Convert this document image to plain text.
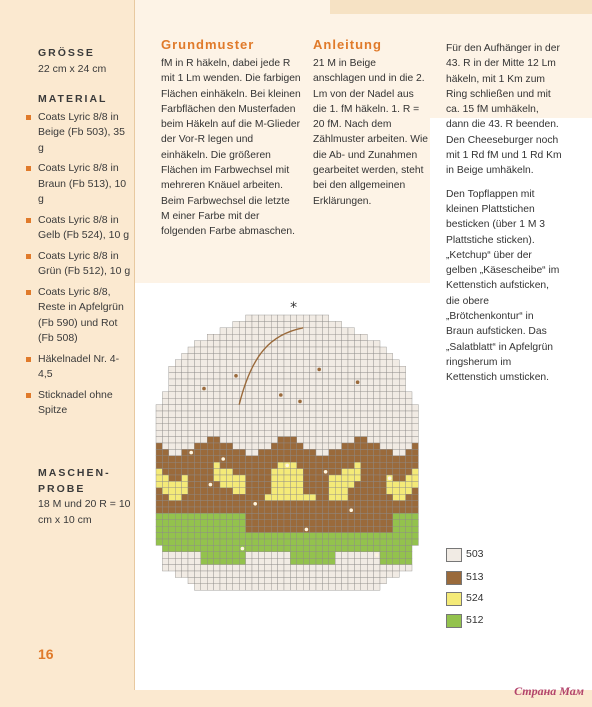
GRÖSSE
22 cm x 24 cm
MATERIAL
Coats Lyric 8/8 in Beige (Fb 503), 35 g
Coats Lyric 8/8 in Braun (Fb 513), 10 g
Coats Lyric 8/8 in Gelb (Fb 524), 10 g
Coats Lyric 8/8 in Grün (Fb 512), 10 g
Coats Lyric 8/8, Reste in Apfelgrün (Fb 590) und Rot (Fb 508)
Häkelnadel Nr. 4-4,5
Sticknadel ohne Spitze
MASCHEN-PROBE
18 M und 20 R = 10 cm x 10 cm
Grundmuster
fM in R häkeln, dabei jede R mit 1 Lm wenden. Die farbigen Flächen einhäkeln. Bei kleinen Farbflächen den Musterfaden beim Häkeln auf die M-Glieder der Vor-R legen und einhäkeln. Die größeren Flächen im Farbwechsel mit mehreren Knäuel arbeiten. Beim Farbwechsel die letzte M einer Farbe mit der folgenden Farbe abmaschen.
Anleitung
21 M in Beige anschlagen und in die 2. Lm von der Nadel aus die 1. fM häkeln. 1. R = 20 fM. Nach dem Zählmuster arbeiten. Wie die Ab- und Zunahmen gearbeitet werden, steht bei den allgemeinen Erklärungen.

Für den Aufhänger in der 43. R in der Mitte 12 Lm häkeln, mit 1 Km zum Ring schließen und mit ca. 15 fM umhäkeln, dann die 43. R beenden. Den Cheeseburger noch mit 1 Rd fM und 1 Rd Km in Beige umhäkeln.

Den Topflappen mit kleinen Plattstichen besticken (über 1 M 3 Plattstiche sticken). „Ketchup“ über der gelben „Käsescheibe“ im Kettenstich aufsticken, die obere „Brötchenkontur“ in Braun aufsticken. Das „Salatblatt“ in Apfelgrün ringsherum im Kettenstich umsticken.

*
503
513
524
512
16
Страна Мам
